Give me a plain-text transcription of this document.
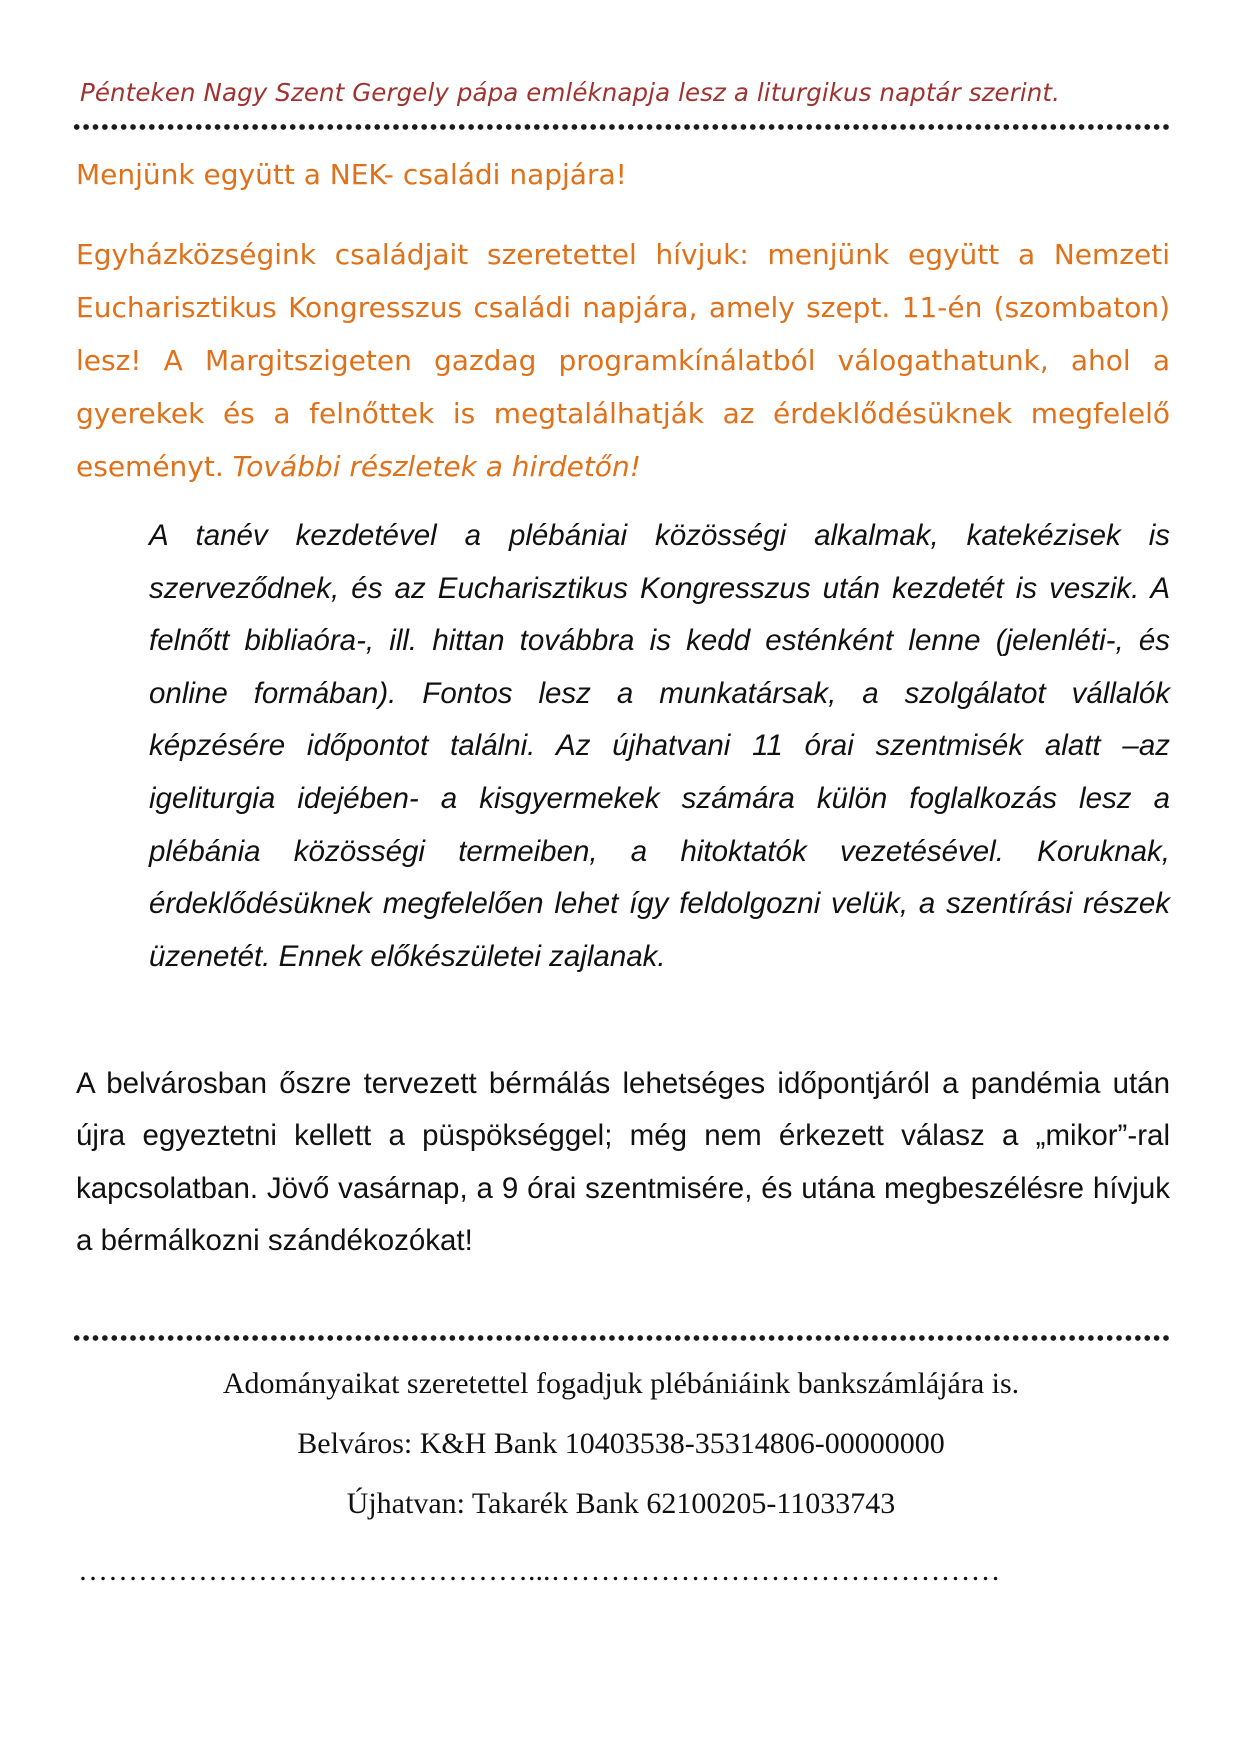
Pénteken Nagy Szent Gergely pápa emléknapja lesz a liturgikus naptár szerint.
Menjünk együtt a NEK- családi napjára!
Egyházközségink családjait szeretettel hívjuk: menjünk együtt a Nemzeti Eucharisztikus Kongresszus családi napjára, amely szept. 11-én (szombaton) lesz! A Margitszigeten gazdag programkínálatból válogathatunk, ahol a gyerekek és a felnőttek is megtalálhatják az érdeklődésüknek megfelelő eseményt. További részletek a hirdetőn!
A tanév kezdetével a plébániai közösségi alkalmak, katekézisek is szerveződnek, és az Eucharisztikus Kongresszus után kezdetét is veszik. A felnőtt bibliaóra-, ill. hittan továbbra is kedd esténként lenne (jelenléti-, és online formában). Fontos lesz a munkatársak, a szolgálatot vállalók képzésére időpontot találni. Az újhatvani 11 órai szentmisék alatt –az igeliturgia idejében- a kisgyermekek számára külön foglalkozás lesz a plébánia közösségi termeiben, a hitoktatók vezetésével. Koruknak, érdeklődésüknek megfelelően lehet így feldolgozni velük, a szentírási részek üzenetét. Ennek előkészületei zajlanak.
A belvárosban őszre tervezett bérmálás lehetséges időpontjáról a pandémia után újra egyeztetni kellett a püspökséggel; még nem érkezett válasz a „mikor”-ral kapcsolatban. Jövő vasárnap, a 9 órai szentmisére, és utána megbeszélésre hívjuk a bérmálkozni szándékozókat!
Adományaikat szeretettel fogadjuk plébániáink bankszámlájára is.
Belváros: K&H Bank 10403538-35314806-00000000
Újhatvan: Takarék Bank 62100205-11033743
………………………………………...………………………………………
